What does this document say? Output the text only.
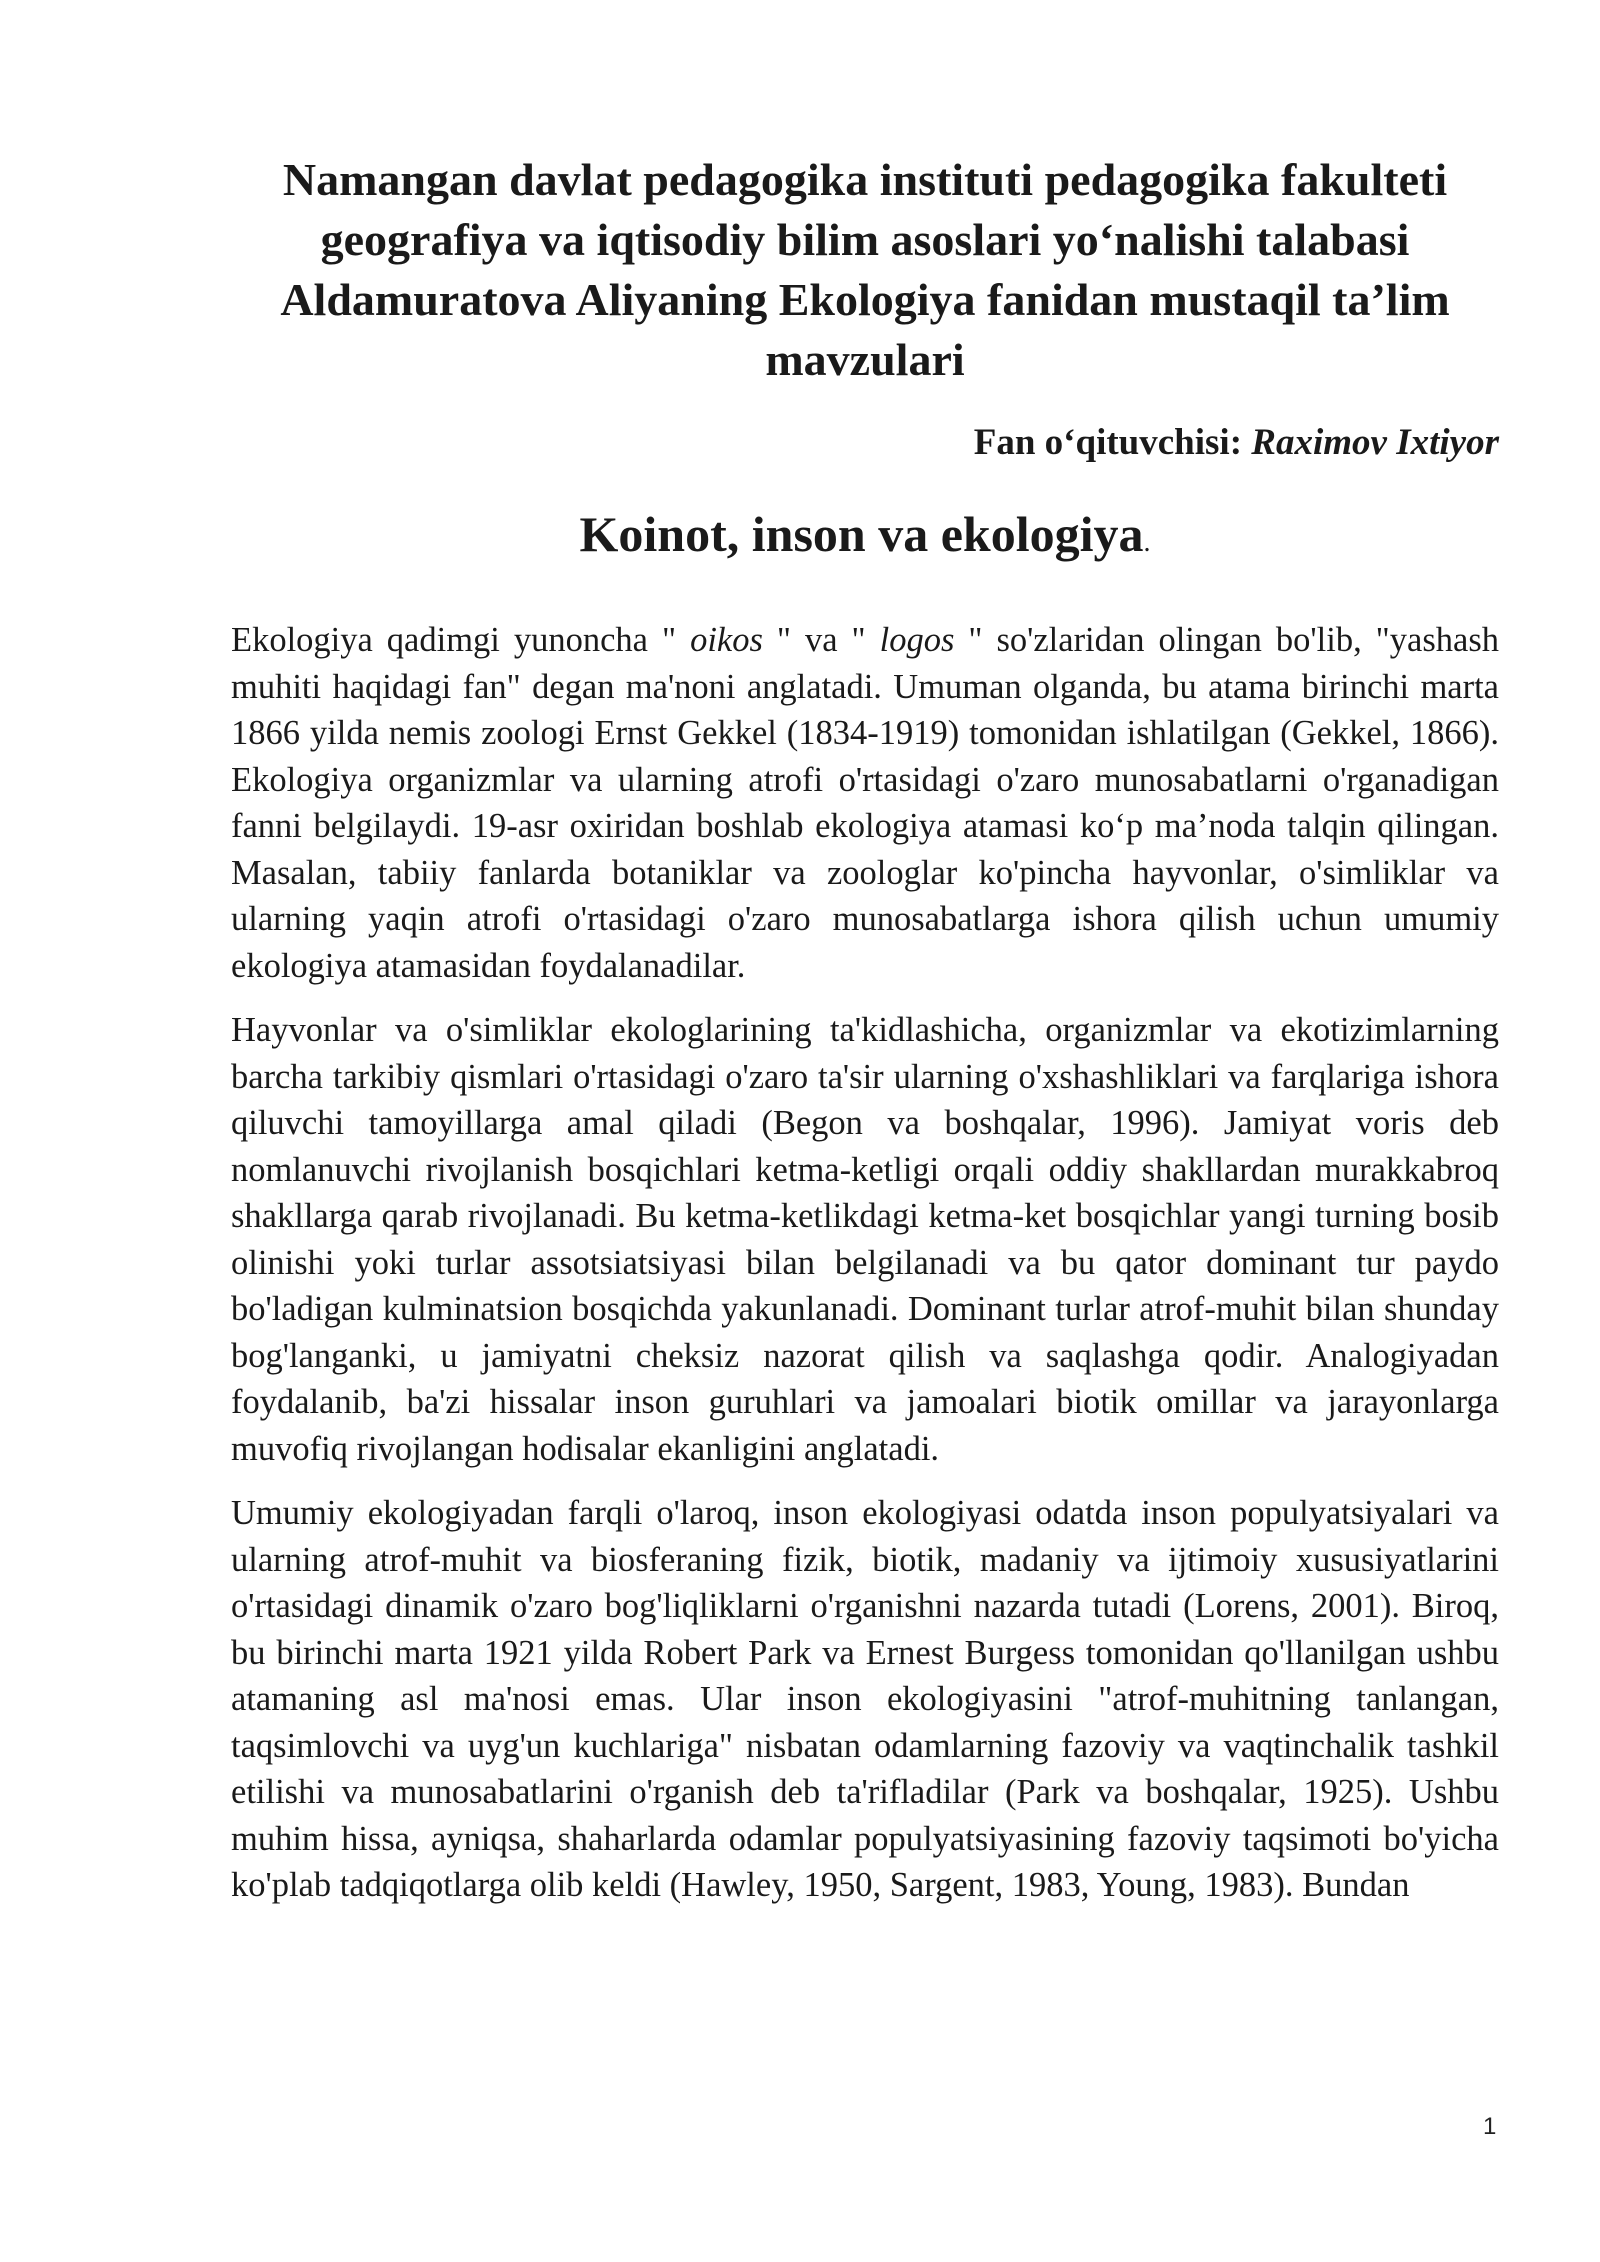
Namangan davlat pedagogika instituti pedagogika fakulteti
geografiya va iqtisodiy bilim asoslari yo‘nalishi talabasi
Aldamuratova Aliyaning Ekologiya fanidan mustaqil ta’lim
mavzulari
Fan o‘qituvchisi: Raximov Ixtiyor
Koinot, inson va ekologiya.

Ekologiya qadimgi yunoncha " oikos " va " logos " so'zlaridan olingan bo'lib, "yashash muhiti haqidagi fan" degan ma'noni anglatadi. Umuman olganda, bu atama birinchi marta 1866 yilda nemis zoologi Ernst Gekkel (1834-1919) tomonidan ishlatilgan (Gekkel, 1866). Ekologiya organizmlar va ularning atrofi o'rtasidagi o'zaro munosabatlarni o'rganadigan fanni belgilaydi. 19-asr oxiridan boshlab ekologiya atamasi ko‘p ma’noda talqin qilingan. Masalan, tabiiy fanlarda botaniklar va zoologlar ko'pincha hayvonlar, o'simliklar va ularning yaqin atrofi o'rtasidagi o'zaro munosabatlarga ishora qilish uchun umumiy ekologiya atamasidan foydalanadilar.

Hayvonlar va o'simliklar ekologlarining ta'kidlashicha, organizmlar va ekotizimlarning barcha tarkibiy qismlari o'rtasidagi o'zaro ta'sir ularning o'xshashliklari va farqlariga ishora qiluvchi tamoyillarga amal qiladi (Begon va boshqalar, 1996). Jamiyat voris deb nomlanuvchi rivojlanish bosqichlari ketma-ketligi orqali oddiy shakllardan murakkabroq shakllarga qarab rivojlanadi. Bu ketma-ketlikdagi ketma-ket bosqichlar yangi turning bosib olinishi yoki turlar assotsiatsiyasi bilan belgilanadi va bu qator dominant tur paydo bo'ladigan kulminatsion bosqichda yakunlanadi. Dominant turlar atrof-muhit bilan shunday bog'langanki, u jamiyatni cheksiz nazorat qilish va saqlashga qodir. Analogiyadan foydalanib, ba'zi hissalar inson guruhlari va jamoalari biotik omillar va jarayonlarga muvofiq rivojlangan hodisalar ekanligini anglatadi.

Umumiy ekologiyadan farqli o'laroq, inson ekologiyasi odatda inson populyatsiyalari va ularning atrof-muhit va biosferaning fizik, biotik, madaniy va ijtimoiy xususiyatlarini o'rtasidagi dinamik o'zaro bog'liqliklarni o'rganishni nazarda tutadi (Lorens, 2001). Biroq, bu birinchi marta 1921 yilda Robert Park va Ernest Burgess tomonidan qo'llanilgan ushbu atamaning asl ma'nosi emas. Ular inson ekologiyasini "atrof-muhitning tanlangan, taqsimlovchi va uyg'un kuchlariga" nisbatan odamlarning fazoviy va vaqtinchalik tashkil etilishi va munosabatlarini o'rganish deb ta'rifladilar (Park va boshqalar, 1925). Ushbu muhim hissa, ayniqsa, shaharlarda odamlar populyatsiyasining fazoviy taqsimoti bo'yicha ko'plab tadqiqotlarga olib keldi (Hawley, 1950, Sargent, 1983, Young, 1983). Bundan

1
